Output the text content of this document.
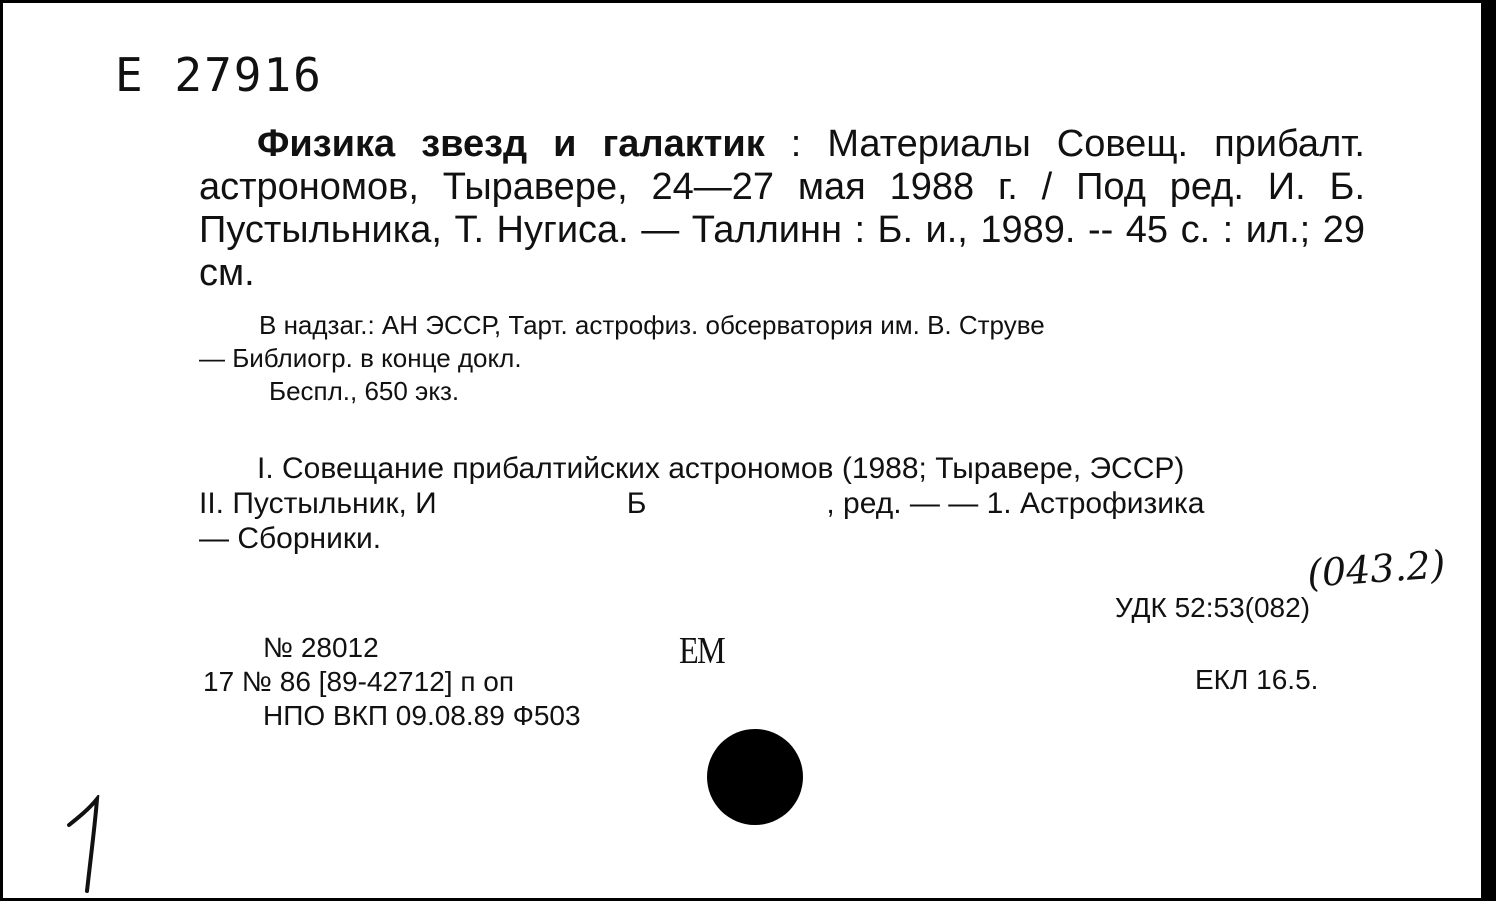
Е 27916
Физика звезд и галактик : Материалы Совещ. прибалт. астрономов, Тыравере, 24—27 мая 1988 г. / Под ред. И. Б. Пустыльника, Т. Нугиса. — Таллинн : Б. и., 1989. -- 45 с. : ил.; 29 см.
В надзаг.: АН ЭССР, Тарт. астрофиз. обсерватория им. В. Струве
— Библиогр. в конце докл.
Беспл., 650 экз.
I. Совещание прибалтийских астрономов (1988; Тыравере, ЭССР)
II. Пустыльник, И	Б	, ред. — — 1. Астрофизика
— Сборники.
(043.2)
УДК 52:53(082)
ЕКЛ 16.5.
№ 28012
17 № 86 [89-42712] п оп
НПО ВКП 09.08.89 Ф503
ЕМ
